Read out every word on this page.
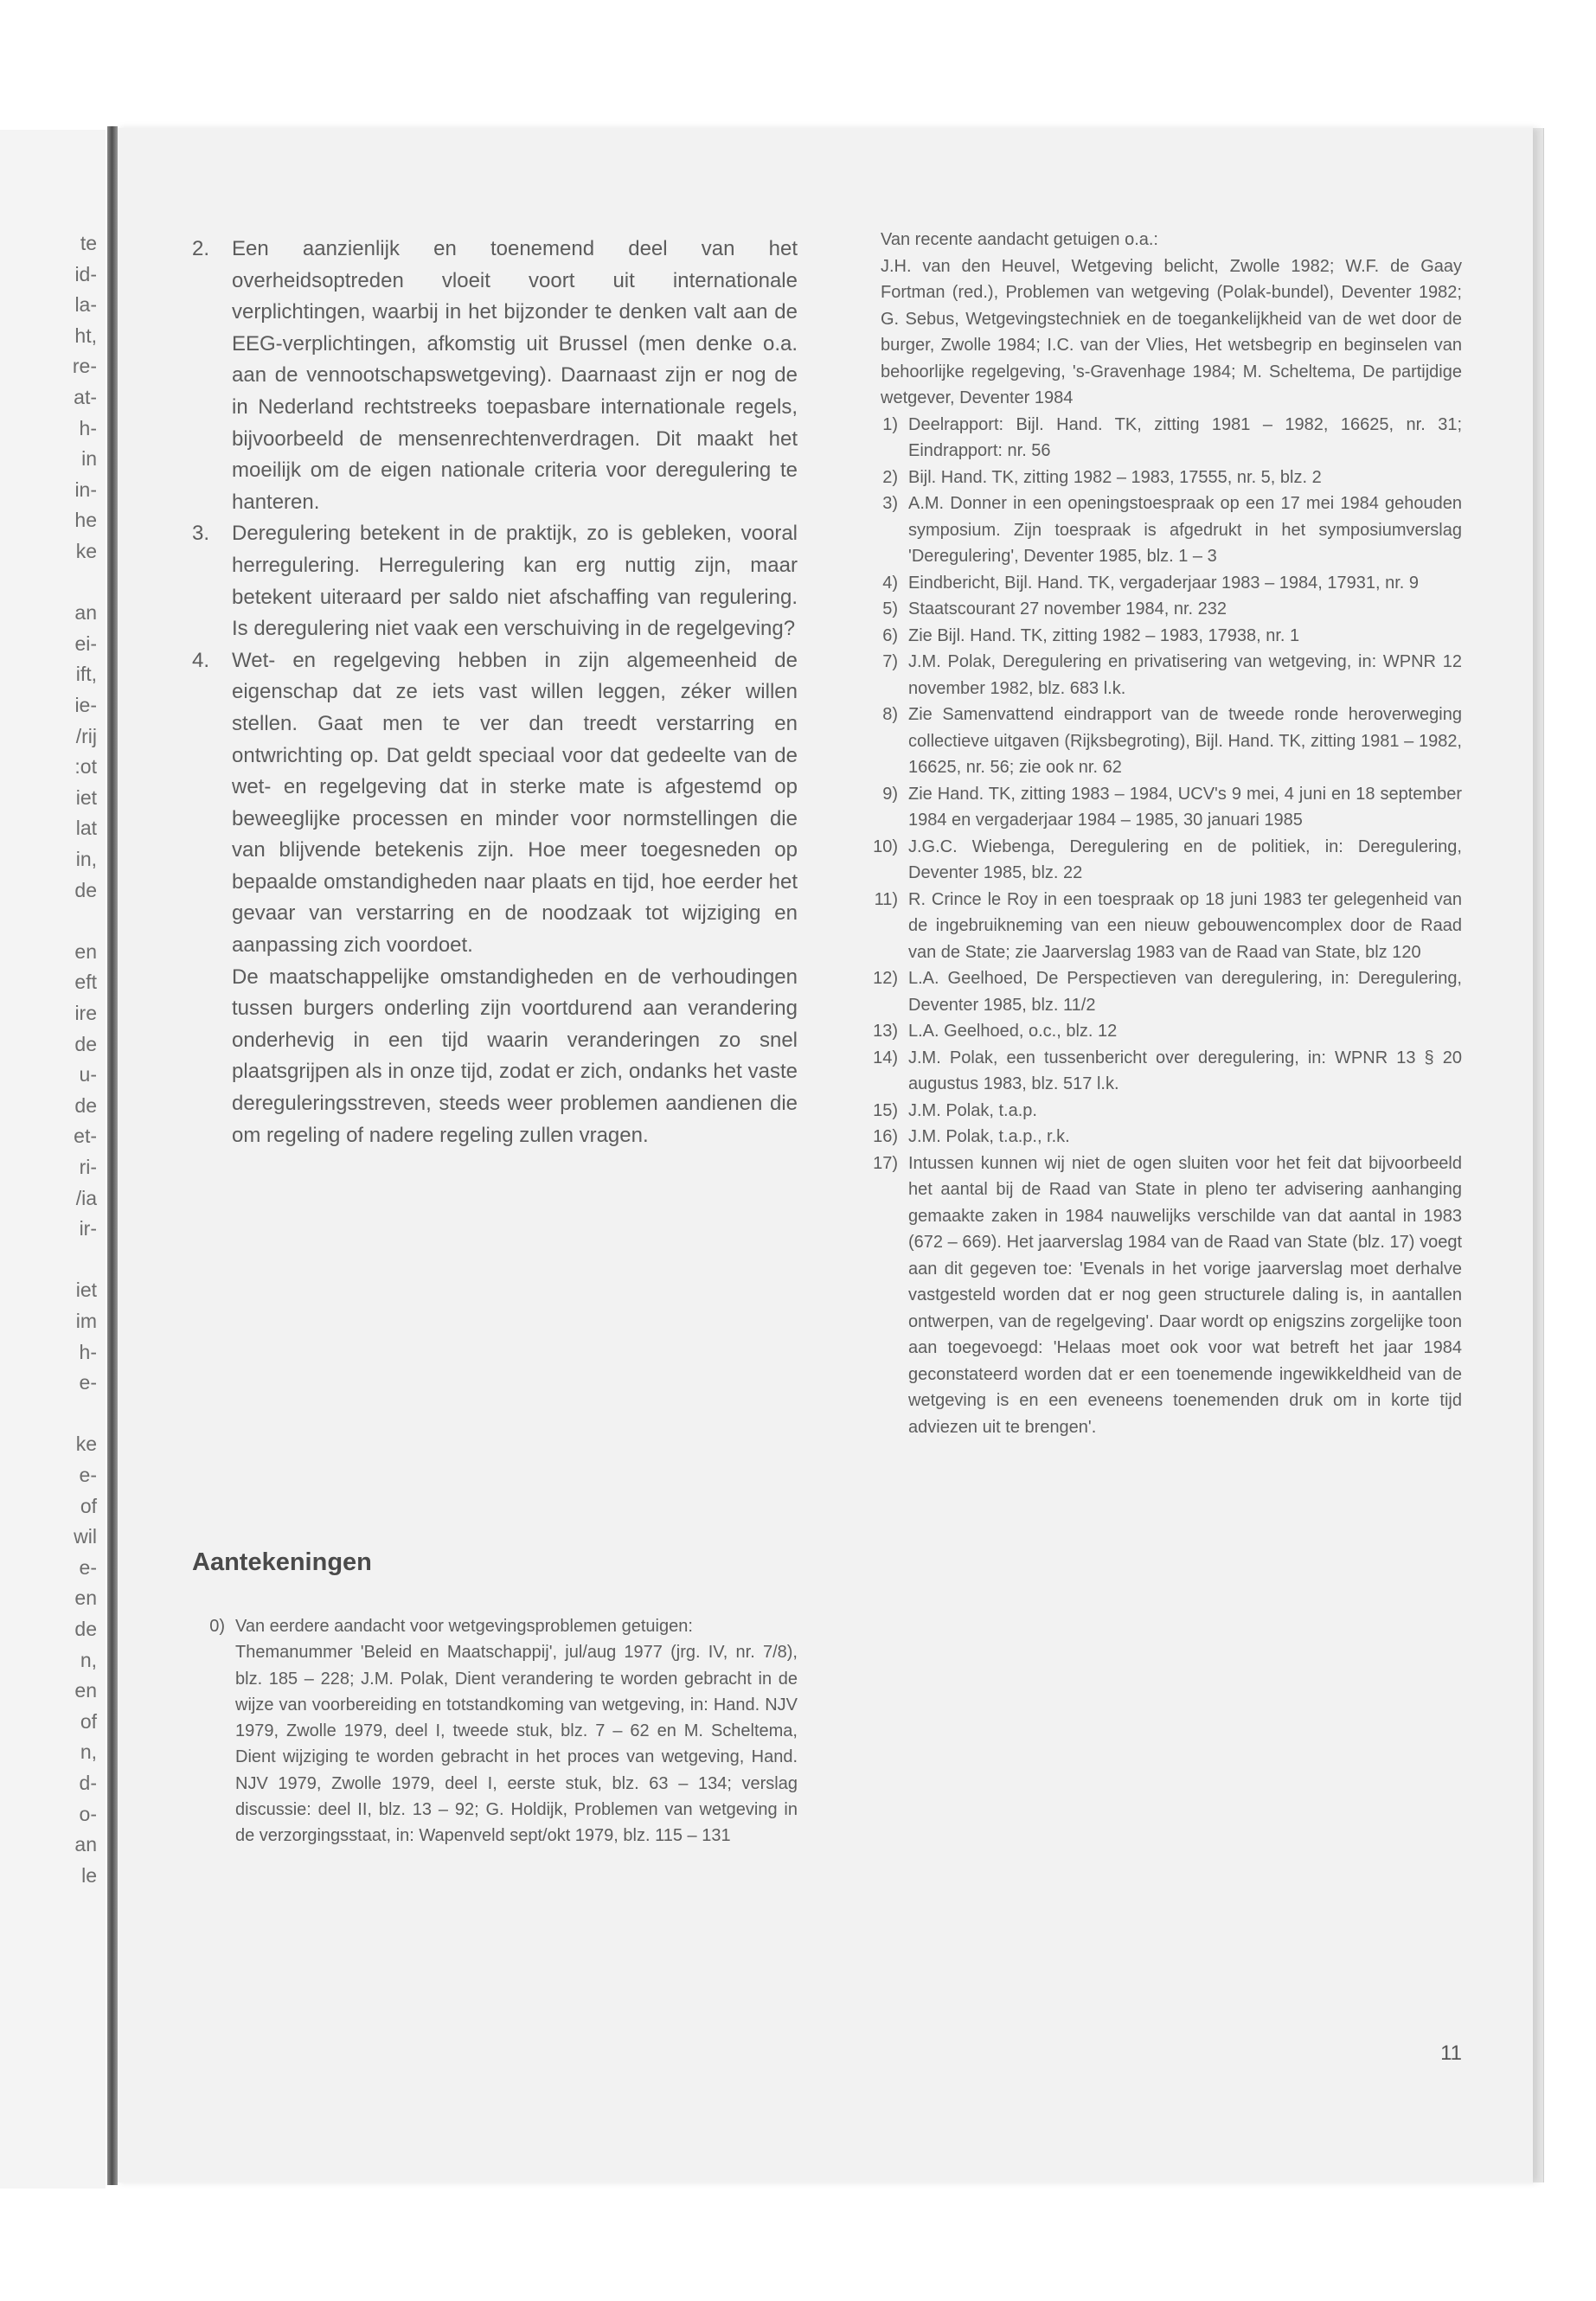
te
id-
la-
ht,
re-
at-
h-
in
in-
he
ke
an
ei-
ift,
ie-
/rij
:ot
iet
lat
in,
de
en
eft
ire
de
u-
de
et-
ri-
/ia
ir-
iet
im
h-
e-
ke
e-
of
wil
e-
en
de
n,
en
of
n,
d-
o-
an
le
2.	Een aanzienlijk en toenemend deel van het overheidsoptreden vloeit voort uit internationale verplichtingen, waarbij in het bijzonder te denken valt aan de EEG-verplichtingen, afkomstig uit Brussel (men denke o.a. aan de vennootschapswetgeving). Daarnaast zijn er nog de in Nederland rechtstreeks toepasbare internationale regels, bijvoorbeeld de mensenrechtenverdragen. Dit maakt het moeilijk om de eigen nationale criteria voor deregulering te hanteren.
3.	Deregulering betekent in de praktijk, zo is gebleken, vooral herregulering. Herregulering kan erg nuttig zijn, maar betekent uiteraard per saldo niet afschaffing van regulering. Is deregulering niet vaak een verschuiving in de regelgeving?
4.	Wet- en regelgeving hebben in zijn algemeenheid de eigenschap dat ze iets vast willen leggen, zéker willen stellen. Gaat men te ver dan treedt verstarring en ontwrichting op. Dat geldt speciaal voor dat gedeelte van de wet- en regelgeving dat in sterke mate is afgestemd op beweeglijke processen en minder voor normstellingen die van blijvende betekenis zijn. Hoe meer toegesneden op bepaalde omstandigheden naar plaats en tijd, hoe eerder het gevaar van verstarring en de noodzaak tot wijziging en aanpassing zich voordoet.
De maatschappelijke omstandigheden en de verhoudingen tussen burgers onderling zijn voortdurend aan verandering onderhevig in een tijd waarin veranderingen zo snel plaatsgrijpen als in onze tijd, zodat er zich, ondanks het vaste dereguleringsstreven, steeds weer problemen aandienen die om regeling of nadere regeling zullen vragen.
Aantekeningen
0) Van eerdere aandacht voor wetgevingsproblemen getuigen:
Themanummer 'Beleid en Maatschappij', jul/aug 1977 (jrg. IV, nr. 7/8), blz. 185 – 228; J.M. Polak, Dient verandering te worden gebracht in de wijze van voorbereiding en totstandkoming van wetgeving, in: Hand. NJV 1979, Zwolle 1979, deel I, tweede stuk, blz. 7 – 62 en M. Scheltema, Dient wijziging te worden gebracht in het proces van wetgeving, Hand. NJV 1979, Zwolle 1979, deel I, eerste stuk, blz. 63 – 134; verslag discussie: deel II, blz. 13 – 92; G. Holdijk, Problemen van wetgeving in de verzorgingsstaat, in: Wapenveld sept/okt 1979, blz. 115 – 131
Van recente aandacht getuigen o.a.:
J.H. van den Heuvel, Wetgeving belicht, Zwolle 1982; W.F. de Gaay Fortman (red.), Problemen van wetgeving (Polak-bundel), Deventer 1982; G. Sebus, Wetgevingstechniek en de toegankelijkheid van de wet door de burger, Zwolle 1984; I.C. van der Vlies, Het wetsbegrip en beginselen van behoorlijke regelgeving, 's-Gravenhage 1984; M. Scheltema, De partijdige wetgever, Deventer 1984
1) Deelrapport: Bijl. Hand. TK, zitting 1981 – 1982, 16625, nr. 31; Eindrapport: nr. 56
2) Bijl. Hand. TK, zitting 1982 – 1983, 17555, nr. 5, blz. 2
3) A.M. Donner in een openingstoespraak op een 17 mei 1984 gehouden symposium. Zijn toespraak is afgedrukt in het symposiumverslag 'Deregulering', Deventer 1985, blz. 1 – 3
4) Eindbericht, Bijl. Hand. TK, vergaderjaar 1983 – 1984, 17931, nr. 9
5) Staatscourant 27 november 1984, nr. 232
6) Zie Bijl. Hand. TK, zitting 1982 – 1983, 17938, nr. 1
7) J.M. Polak, Deregulering en privatisering van wetgeving, in: WPNR 12 november 1982, blz. 683 l.k.
8) Zie Samenvattend eindrapport van de tweede ronde heroverweging collectieve uitgaven (Rijksbegroting), Bijl. Hand. TK, zitting 1981 – 1982, 16625, nr. 56; zie ook nr. 62
9) Zie Hand. TK, zitting 1983 – 1984, UCV's 9 mei, 4 juni en 18 september 1984 en vergaderjaar 1984 – 1985, 30 januari 1985
10) J.G.C. Wiebenga, Deregulering en de politiek, in: Deregulering, Deventer 1985, blz. 22
11) R. Crince le Roy in een toespraak op 18 juni 1983 ter gelegenheid van de ingebruikneming van een nieuw gebouwencomplex door de Raad van de State; zie Jaarverslag 1983 van de Raad van State, blz 120
12) L.A. Geelhoed, De Perspectieven van deregulering, in: Deregulering, Deventer 1985, blz. 11/2
13) L.A. Geelhoed, o.c., blz. 12
14) J.M. Polak, een tussenbericht over deregulering, in: WPNR 13 § 20 augustus 1983, blz. 517 l.k.
15) J.M. Polak, t.a.p.
16) J.M. Polak, t.a.p., r.k.
17) Intussen kunnen wij niet de ogen sluiten voor het feit dat bijvoorbeeld het aantal bij de Raad van State in pleno ter advisering aanhanging gemaakte zaken in 1984 nauwelijks verschilde van dat aantal in 1983 (672 – 669). Het jaarverslag 1984 van de Raad van State (blz. 17) voegt aan dit gegeven toe: 'Evenals in het vorige jaarverslag moet derhalve vastgesteld worden dat er nog geen structurele daling is, in aantallen ontwerpen, van de regelgeving'. Daar wordt op enigszins zorgelijke toon aan toegevoegd: 'Helaas moet ook voor wat betreft het jaar 1984 geconstateerd worden dat er een toenemende ingewikkeldheid van de wetgeving is en een eveneens toenemenden druk om in korte tijd adviezen uit te brengen'.
11
